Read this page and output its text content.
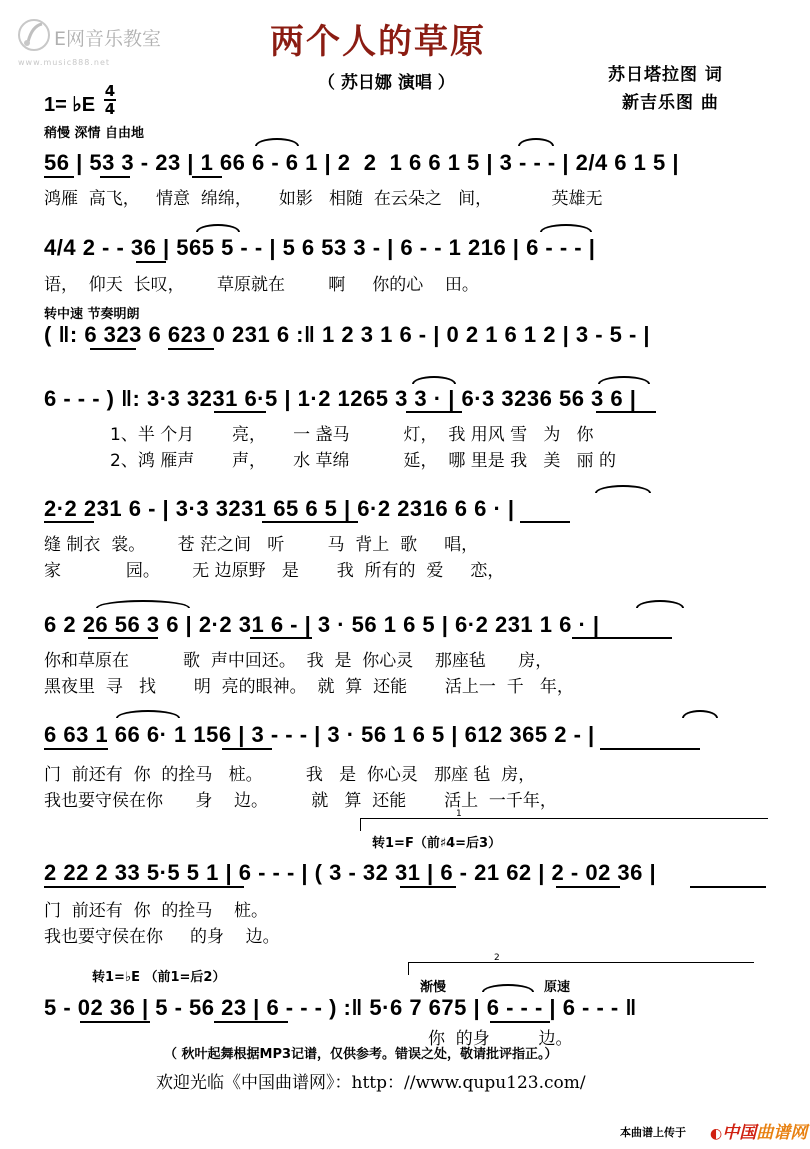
E网音乐教室
www.music888.net
两个人的草原
（ 苏日娜 演唱 ）	苏日塔拉图 词
新吉乐图 曲
1= ♭E
4
4
稍慢 深情 自由地
56 | 53 3 - 23 | 1 66 6 - 6 1 | 2  2  1 6 6 1 5 | 3 - - - | 2/4 6 1 5 |
鸿雁  高飞，   情意  绵绵，     如影   相随  在云朵之   间，           英雄无
4/4 2 - - 36 | 565 5 - - | 5 6 53 3 - | 6 - - 1 216 | 6 - - - |
语，  仰天  长叹，      草原就在        啊     你的心    田。
转中速 节奏明朗
( ‖: 6 323 6 623 0 231 6 :‖ 1 2 3 1 6 - | 0 2 1 6 1 2 | 3 - 5 - |
6 - - - ) ‖: 3·3 3231 6·5 | 1·2 1265 3 3 · | 6·3 3236 56 3 6 |
1、半 个月       亮，     一 盏马          灯，  我 用风 雪   为   你
2、鸿 雁声       声，     水 草绵          延，  哪 里是 我   美   丽 的
2·2 231 6 - | 3·3 3231 65 6 5 | 6·2 2316 6 6 · |
缝 制衣  裳。      苍 茫之间   听        马  背上  歌     唱，
家            园。      无 边原野   是       我  所有的  爱     恋，
6 2 26 56 3 6 | 2·2 31 6 - | 3 · 56 1 6 5 | 6·2 231 1 6 · |
你和草原在          歌  声中回还。  我  是  你心灵    那座毡      房，
黑夜里  寻   找       明  亮的眼神。  就  算  还能       活上一  千   年，
6 63 1 66 6· 1 156 | 3 - - - | 3 · 56 1 6 5 | 612 365 2 - |
门  前还有  你  的拴马   桩。        我   是  你心灵   那座 毡  房，
我也要守侯在你      身    边。        就   算  还能       活上  一千年，
1
转1=F（前♯4=后3）
2 22 2 33 5·5 5 1 | 6 - - - | ( 3 - 32 31 | 6 - 21 62 | 2 - 02 36 |
门  前还有  你  的拴马    桩。
我也要守侯在你     的身    边。
转1=♭E （前1=后2）
2
渐慢	原速
5 - 02 36 | 5 - 56 23 | 6 - - - ) :‖ 5·6 7 675 | 6 - - - | 6 - - - ‖
你  的身         边。
（ 秋叶起舞根据MP3记谱，仅供参考。错误之处，敬请批评指正。）
欢迎光临《中国曲谱网》：http：//www.qupu123.com/
本曲谱上传于 ◐中国曲谱网
